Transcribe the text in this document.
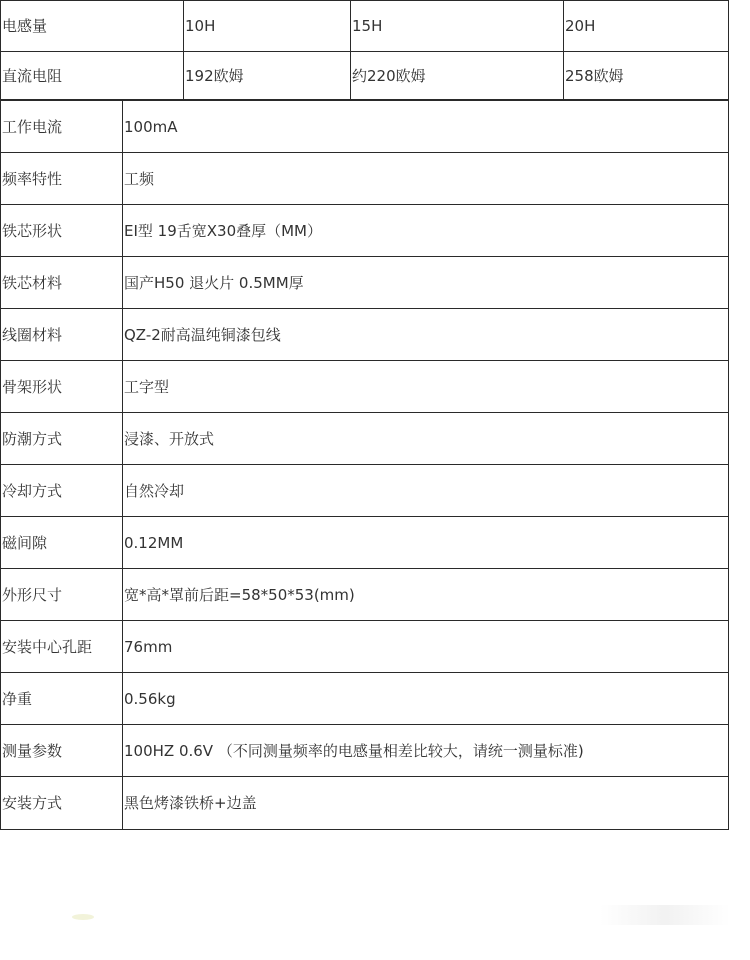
电感量	10H	15H	20H
直流电阻	192欧姆	约220欧姆	258欧姆
工作电流	100mA
频率特性	工频
铁芯形状	EI型 19舌宽X30叠厚（MM）
铁芯材料	国产H50 退火片 0.5MM厚
线圈材料	QZ-2耐高温纯铜漆包线
骨架形状	工字型
防潮方式	浸漆、开放式
冷却方式	自然冷却
磁间隙	0.12MM
外形尺寸	宽*高*罩前后距=58*50*53(mm)
安装中心孔距	76mm
净重	0.56kg
测量参数	100HZ 0.6V （不同测量频率的电感量相差比较大，请统一测量标准)
安装方式	黑色烤漆铁桥+边盖
